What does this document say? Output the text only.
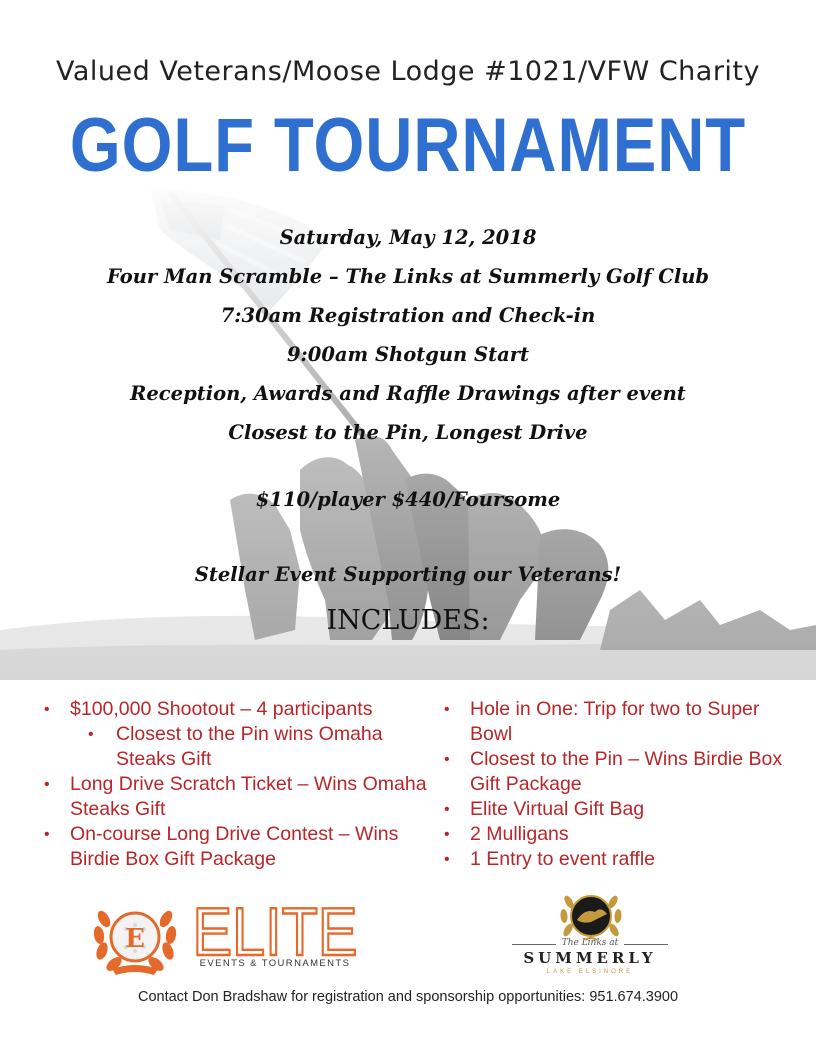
Valued Veterans/Moose Lodge #1021/VFW Charity
GOLF TOURNAMENT
Saturday, May 12, 2018
Four Man Scramble – The Links at Summerly Golf Club
7:30am Registration and Check-in
9:00am Shotgun Start
Reception, Awards and Raffle Drawings after event
Closest to the Pin, Longest Drive
$110/player $440/Foursome
Stellar Event Supporting our Veterans!
INCLUDES:
• $100,000 Shootout – 4 participants
• Closest to the Pin wins Omaha Steaks Gift
• Long Drive Scratch Ticket – Wins Omaha Steaks Gift
• On-course Long Drive Contest – Wins Birdie Box Gift Package
• Hole in One: Trip for two to Super Bowl
• Closest to the Pin – Wins Birdie Box Gift Package
• Elite Virtual Gift Bag
• 2 Mulligans
• 1 Entry to event raffle
E ELITE
EVENTS & TOURNAMENTS
The Links at
SUMMERLY
LAKE ELSINORE
Contact Don Bradshaw for registration and sponsorship opportunities: 951.674.3900
